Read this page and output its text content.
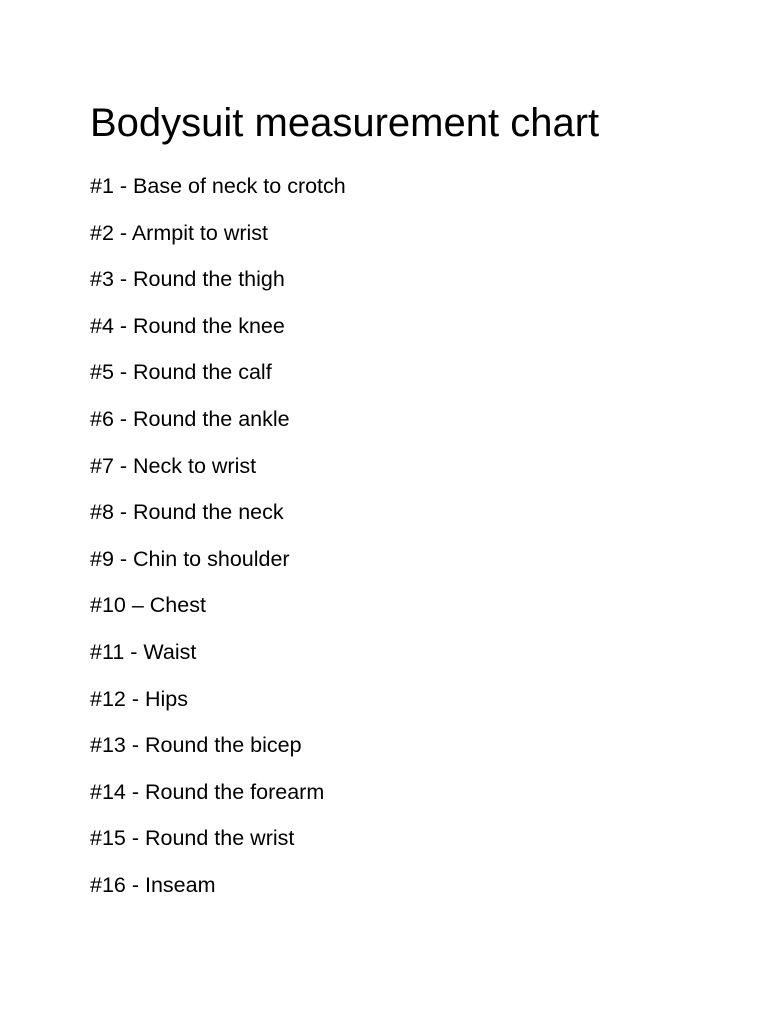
Bodysuit measurement chart
#1 - Base of neck to crotch
#2 - Armpit to wrist
#3 - Round the thigh
#4 - Round the knee
#5 - Round the calf
#6 - Round the ankle
#7 - Neck to wrist
#8 - Round the neck
#9 - Chin to shoulder
#10 – Chest
#11 - Waist
#12 - Hips
#13 - Round the bicep
#14 - Round the forearm
#15 - Round the wrist
#16 - Inseam
